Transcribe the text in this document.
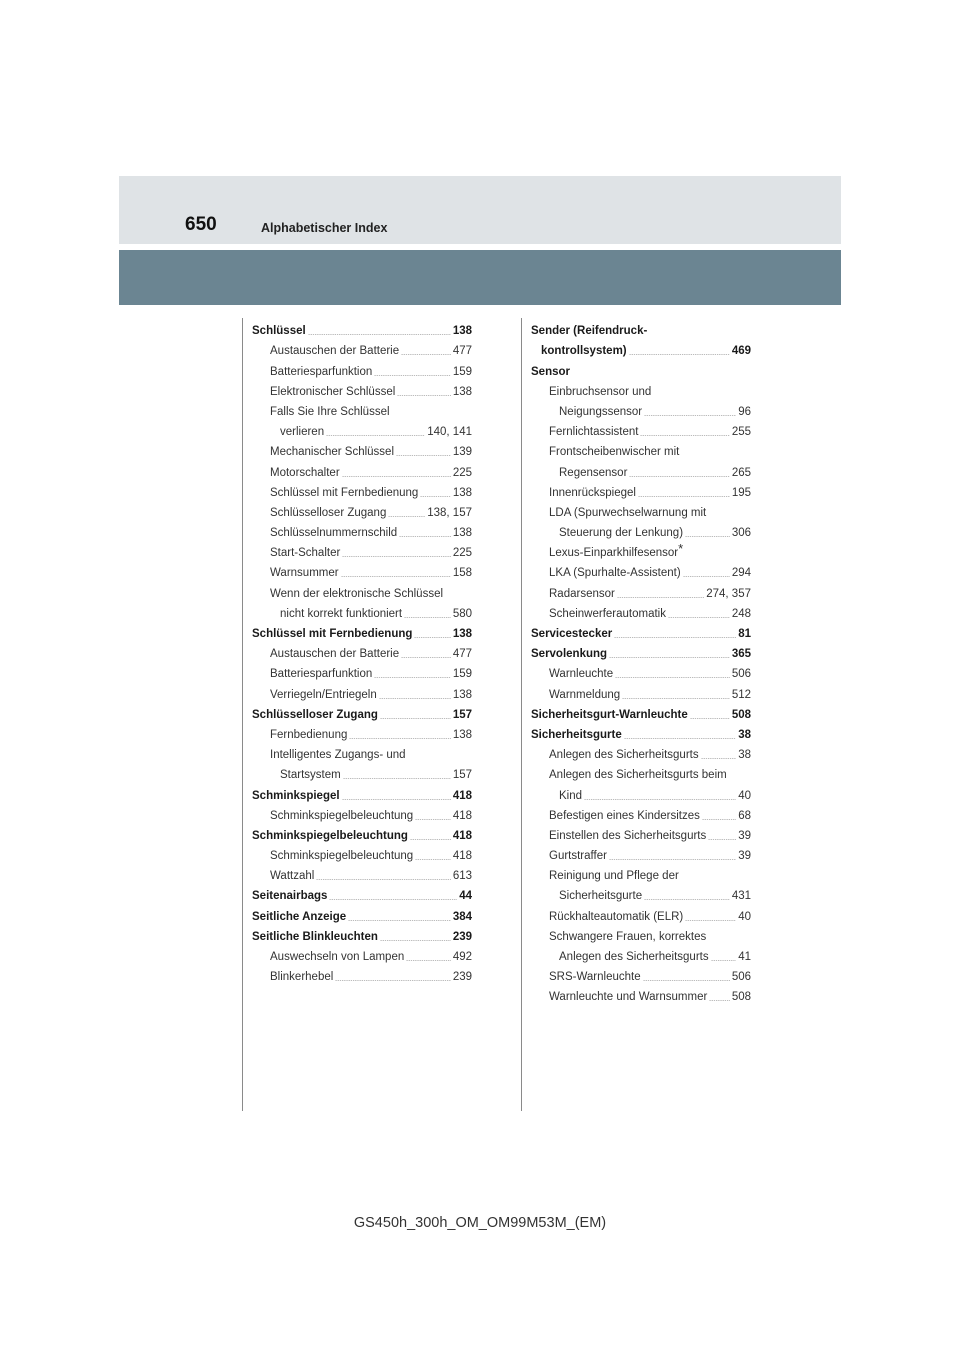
650	Alphabetischer Index
Schlüssel	138
Austauschen der Batterie	477
Batteriesparfunktion	159
Elektronischer Schlüssel	138
Falls Sie Ihre Schlüssel
verlieren	140, 141
Mechanischer Schlüssel	139
Motorschalter	225
Schlüssel mit Fernbedienung	138
Schlüsselloser Zugang	138, 157
Schlüsselnummernschild	138
Start-Schalter	225
Warnsummer	158
Wenn der elektronische Schlüssel
nicht korrekt funktioniert	580
Schlüssel mit Fernbedienung	138
Austauschen der Batterie	477
Batteriesparfunktion	159
Verriegeln/Entriegeln	138
Schlüsselloser Zugang	157
Fernbedienung	138
Intelligentes Zugangs- und
Startsystem	157
Schminkspiegel	418
Schminkspiegelbeleuchtung	418
Schminkspiegelbeleuchtung	418
Schminkspiegelbeleuchtung	418
Wattzahl	613
Seitenairbags	44
Seitliche Anzeige	384
Seitliche Blinkleuchten	239
Auswechseln von Lampen	492
Blinkerhebel	239
Sender (Reifendruck-
kontrollsystem)	469
Sensor
Einbruchsensor und
Neigungssensor	96
Fernlichtassistent	255
Frontscheibenwischer mit
Regensensor	265
Innenrückspiegel	195
LDA (Spurwechselwarnung mit
Steuerung der Lenkung)	306
Lexus-Einparkhilfesensor *
LKA (Spurhalte-Assistent)	294
Radarsensor	274, 357
Scheinwerferautomatik	248
Servicestecker	81
Servolenkung	365
Warnleuchte	506
Warnmeldung	512
Sicherheitsgurt-Warnleuchte	508
Sicherheitsgurte	38
Anlegen des Sicherheitsgurts	38
Anlegen des Sicherheitsgurts beim
Kind	40
Befestigen eines Kindersitzes	68
Einstellen des Sicherheitsgurts	39
Gurtstraffer	39
Reinigung und Pflege der
Sicherheitsgurte	431
Rückhalteautomatik (ELR)	40
Schwangere Frauen, korrektes
Anlegen des Sicherheitsgurts	41
SRS-Warnleuchte	506
Warnleuchte und Warnsummer 508
GS450h_300h_OM_OM99M53M_(EM)
